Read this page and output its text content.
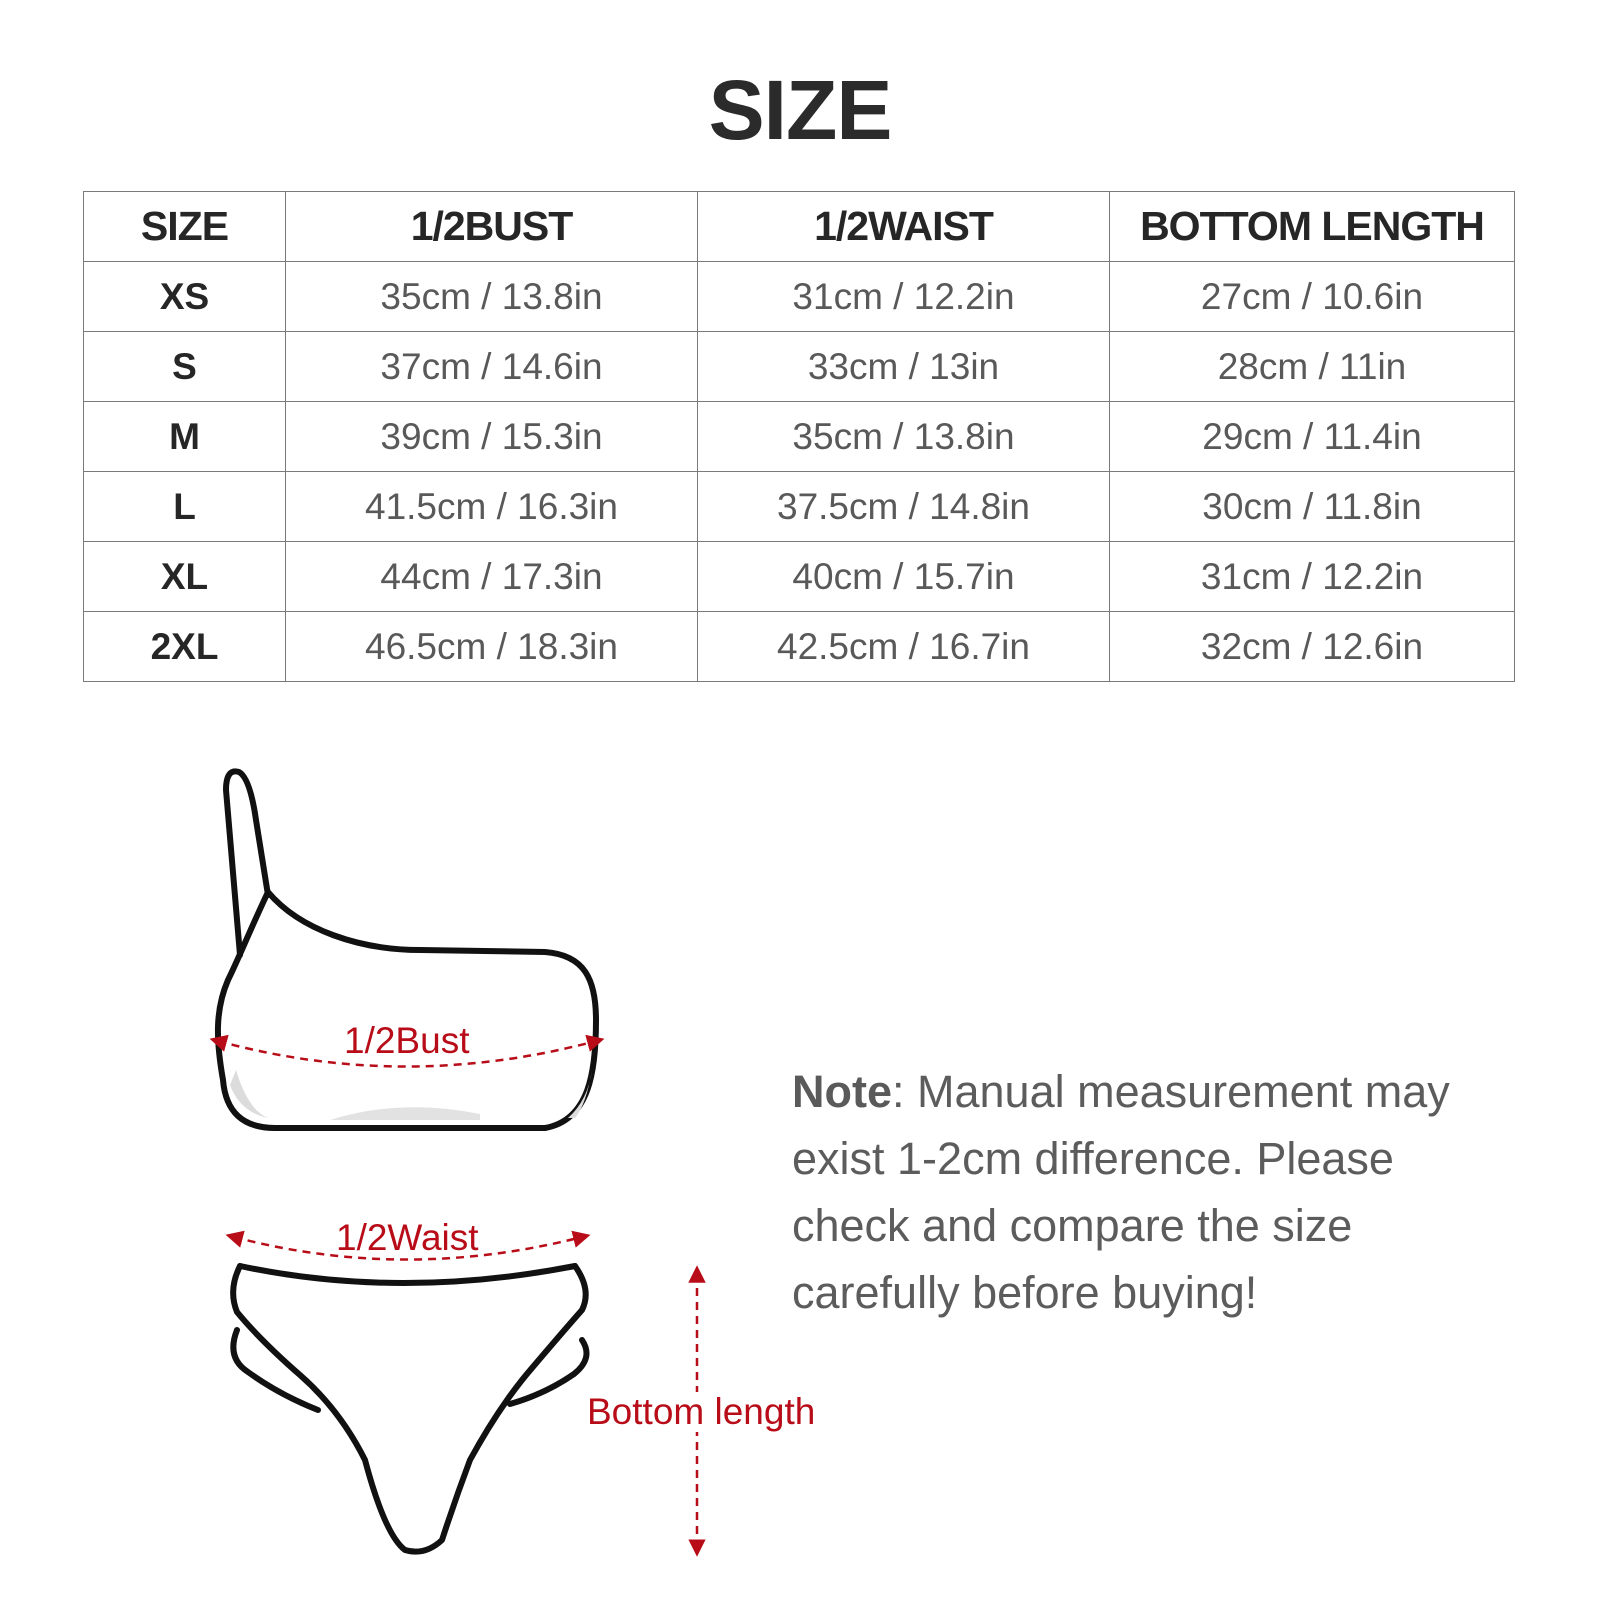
SIZE
SIZE	1/2BUST	1/2WAIST	BOTTOM LENGTH
XS	35cm / 13.8in	31cm / 12.2in	27cm / 10.6in
S	37cm / 14.6in	33cm / 13in	28cm / 11in
M	39cm / 15.3in	35cm / 13.8in	29cm / 11.4in
L	41.5cm / 16.3in	37.5cm / 14.8in	30cm / 11.8in
XL	44cm / 17.3in	40cm / 15.7in	31cm / 12.2in
2XL	46.5cm / 18.3in	42.5cm / 16.7in	32cm / 12.6in
1/2Bust
1/2Waist
Bottom length
Note: Manual measurement may exist 1-2cm difference. Please check and compare the size carefully before buying!
